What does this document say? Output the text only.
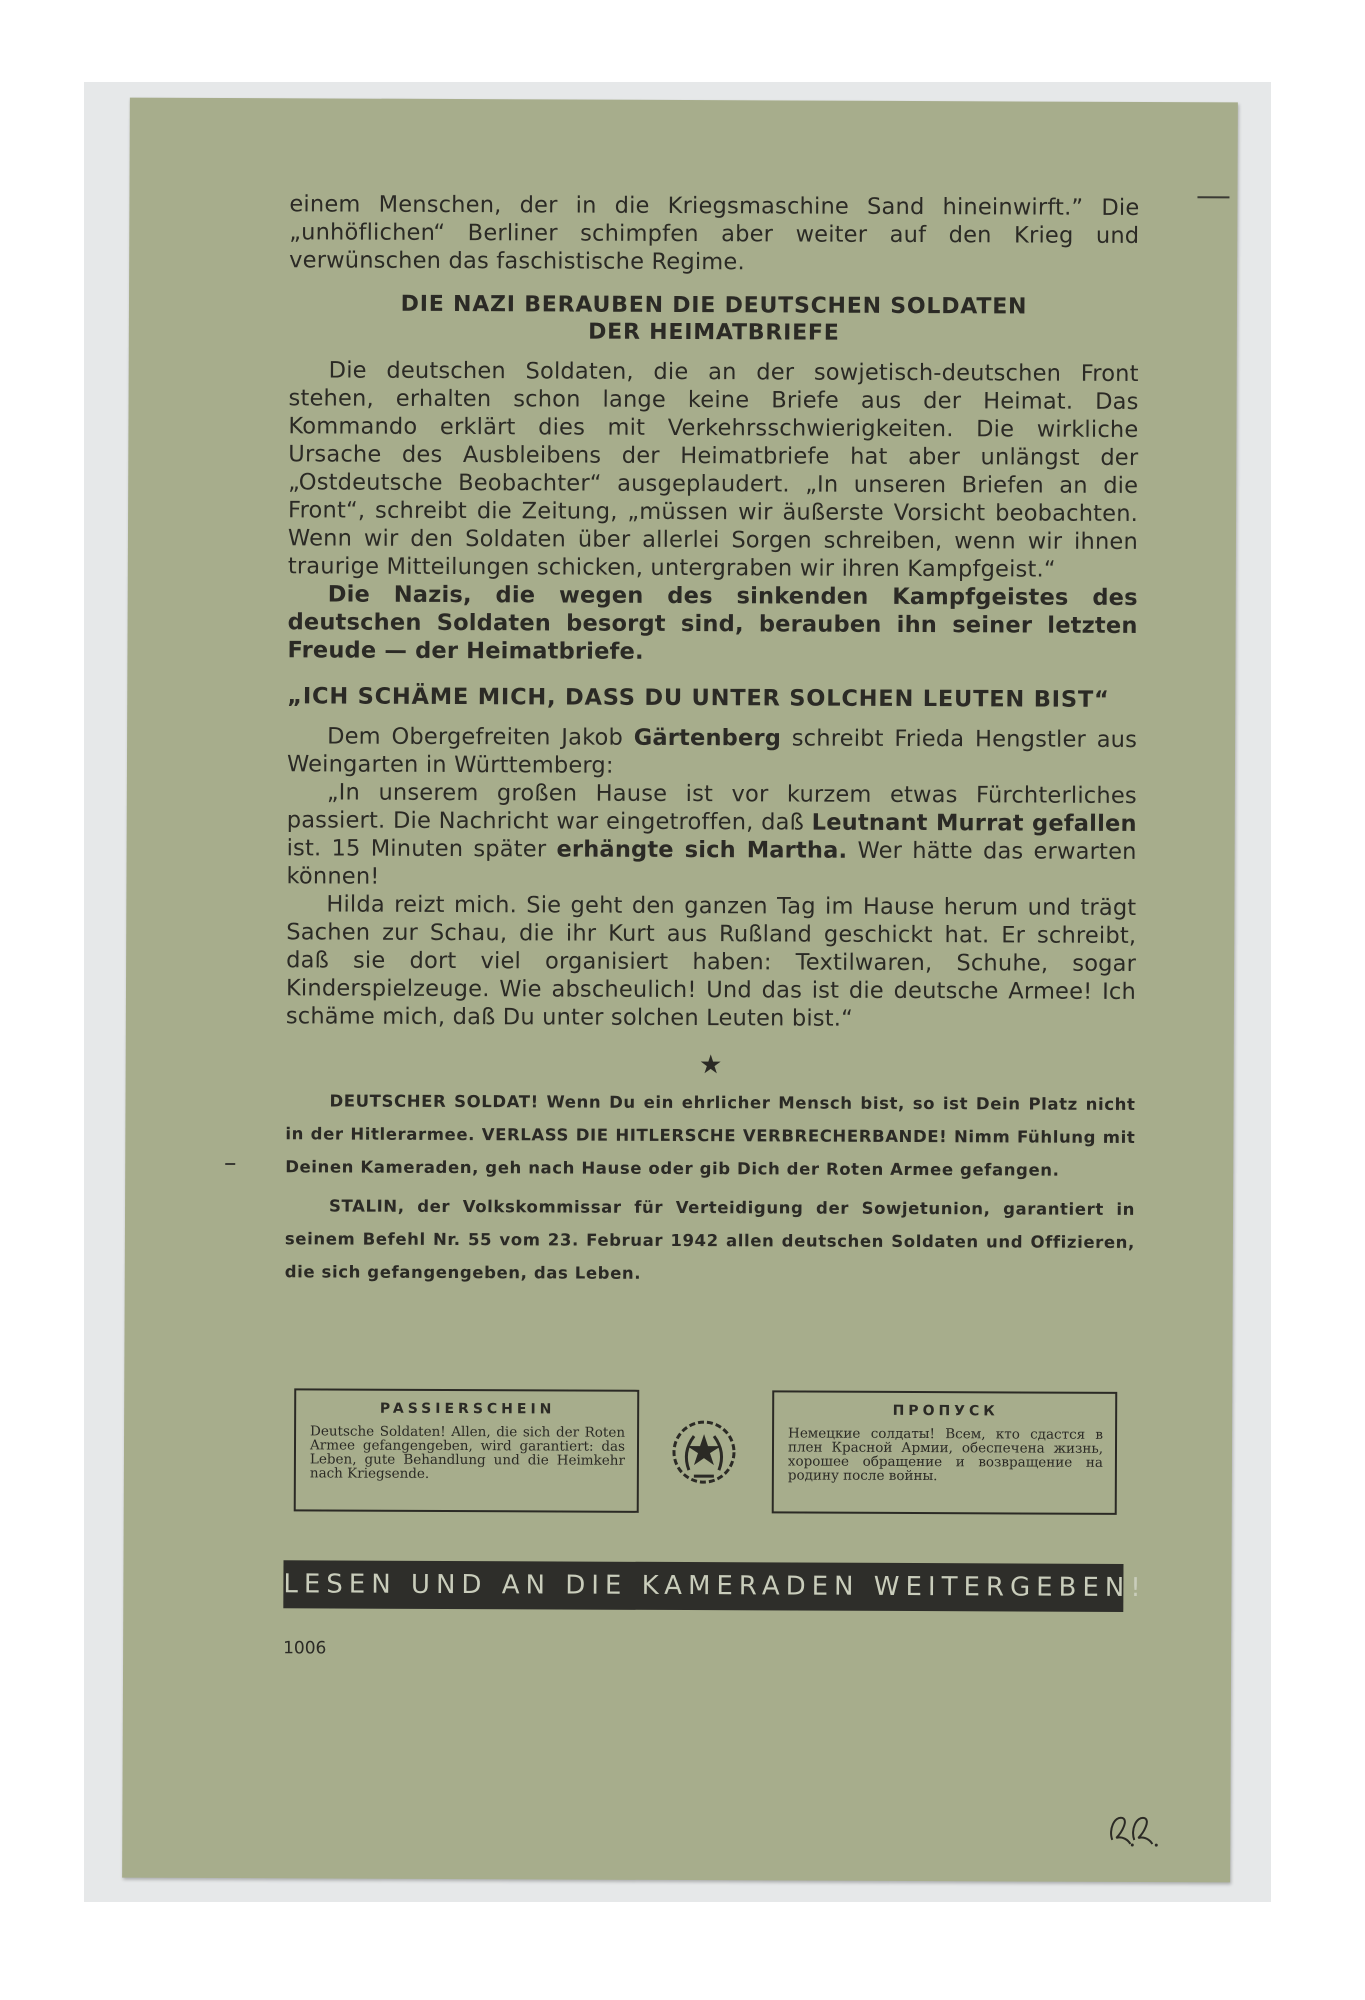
einem Menschen, der in die Kriegsmaschine Sand hineinwirft.” Die „unhöflichen“ Berliner schimpfen aber weiter auf den Krieg und verwünschen das faschistische Regime.

DIE NAZI BERAUBEN DIE DEUTSCHEN SOLDATEN
DER HEIMATBRIEFE

Die deutschen Soldaten, die an der sowjetisch-deutschen Front stehen, erhalten schon lange keine Briefe aus der Heimat. Das Kommando erklärt dies mit Verkehrsschwierigkeiten. Die wirkliche Ursache des Ausbleibens der Heimatbriefe hat aber unlängst der „Ostdeutsche Beobachter“ ausgeplaudert. „In unseren Briefen an die Front“, schreibt die Zeitung, „müssen wir äußerste Vorsicht beobachten. Wenn wir den Soldaten über allerlei Sorgen schreiben, wenn wir ihnen traurige Mitteilungen schicken, untergraben wir ihren Kampfgeist.“

Die Nazis, die wegen des sinkenden Kampfgeistes des deutschen Soldaten besorgt sind, berauben ihn seiner letzten Freude — der Heimatbriefe.

„ICH SCHÄME MICH, DASS DU UNTER SOLCHEN LEUTEN BIST“

Dem Obergefreiten Jakob Gärtenberg schreibt Frieda Hengstler aus Weingarten in Württemberg:

„In unserem großen Hause ist vor kurzem etwas Fürchterliches passiert. Die Nachricht war eingetroffen, daß Leutnant Murrat gefallen ist. 15 Minuten später erhängte sich Martha. Wer hätte das erwarten können!

Hilda reizt mich. Sie geht den ganzen Tag im Hause herum und trägt Sachen zur Schau, die ihr Kurt aus Rußland geschickt hat. Er schreibt, daß sie dort viel organisiert haben: Textilwaren, Schuhe, sogar Kinderspielzeuge. Wie abscheulich! Und das ist die deutsche Armee! Ich schäme mich, daß Du unter solchen Leuten bist.“

★

DEUTSCHER SOLDAT! Wenn Du ein ehrlicher Mensch bist, so ist Dein Platz nicht in der Hitlerarmee. VERLASS DIE HITLERSCHE VERBRECHERBANDE! Nimm Fühlung mit Deinen Kameraden, geh nach Hause oder gib Dich der Roten Armee gefangen.

STALIN, der Volkskommissar für Verteidigung der Sowjetunion, garantiert in seinem Befehl Nr. 55 vom 23. Februar 1942 allen deutschen Soldaten und Offizieren, die sich gefangengeben, das Leben.

PASSIERSCHEIN
Deutsche Soldaten! Allen, die sich der Roten Armee gefangengeben, wird garantiert: das Leben, gute Behandlung und die Heimkehr nach Kriegsende.
ПРОПУСК
Немецкие солдаты! Всем, кто сдастся в плен Красной Армии, обеспечена жизнь, хорошее обращение и возвращение на родину после войны.
LESEN UND AN DIE KAMERADEN WEITERGEBEN!
1006
